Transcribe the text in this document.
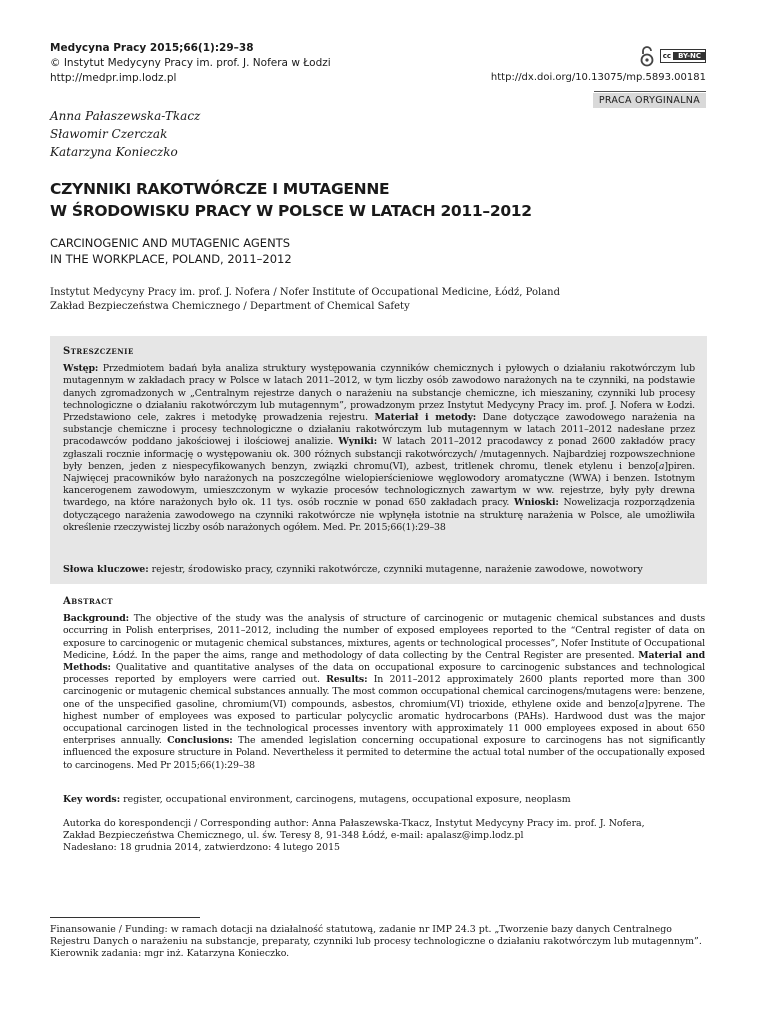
Medycyna Pracy 2015;66(1):29–38
© Instytut Medycyny Pracy im. prof. J. Nofera w Łodzi
http://medpr.imp.lodz.pl
cc	BY-NC
http://dx.doi.org/10.13075/mp.5893.00181
PRACA ORYGINALNA
Anna Pałaszewska-Tkacz
Sławomir Czerczak
Katarzyna Konieczko
CZYNNIKI RAKOTWÓRCZE I MUTAGENNE
W ŚRODOWISKU PRACY W POLSCE W LATACH 2011–2012
CARCINOGENIC AND MUTAGENIC AGENTS
IN THE WORKPLACE, POLAND, 2011–2012
Instytut Medycyny Pracy im. prof. J. Nofera / Nofer Institute of Occupational Medicine, Łódź, Poland
Zakład Bezpieczeństwa Chemicznego / Department of Chemical Safety
Streszczenie
Wstęp: Przedmiotem badań była analiza struktury występowania czynników chemicznych i pyłowych o działaniu rakotwórczym lub mutagennym w zakładach pracy w Polsce w latach 2011–2012, w tym liczby osób zawodowo narażonych na te czynniki, na podstawie danych zgromadzonych w „Centralnym rejestrze danych o narażeniu na substancje chemiczne, ich mieszaniny, czynniki lub procesy technologiczne o działaniu rakotwórczym lub mutagennym”, prowadzonym przez Instytut Medycyny Pracy im. prof. J. Nofera w Łodzi. Przedstawiono cele, zakres i metodykę prowadzenia rejestru. Materiał i metody: Dane dotyczące zawodowego narażenia na substancje chemiczne i procesy technologiczne o działaniu rakotwórczym lub mutagennym w latach 2011–2012 nadesłane przez pracodawców poddano jakościowej i ilościowej analizie. Wyniki: W latach 2011–2012 pracodawcy z ponad 2600 zakładów pracy zgłaszali rocznie informację o występowaniu ok. 300 różnych substancji rakotwórczych/ /mutagennych. Najbardziej rozpowszechnione były benzen, jeden z niespecyfikowanych benzyn, związki chromu(VI), azbest, tritlenek chromu, tlenek etylenu i benzo[a]piren. Najwięcej pracowników było narażonych na poszczególne wielopierścieniowe węglowodory aromatyczne (WWA) i benzen. Istotnym kancerogenem zawodowym, umieszczonym w wykazie procesów technologicznych zawartym w ww. rejestrze, były pyły drewna twardego, na które narażonych było ok. 11 tys. osób rocznie w ponad 650 zakładach pracy. Wnioski: Nowelizacja rozporządzenia dotyczącego narażenia zawodowego na czynniki rakotwórcze nie wpłynęła istotnie na strukturę narażenia w Polsce, ale umożliwiła określenie rzeczywistej liczby osób narażonych ogółem. Med. Pr. 2015;66(1):29–38
Słowa kluczowe: rejestr, środowisko pracy, czynniki rakotwórcze, czynniki mutagenne, narażenie zawodowe, nowotwory
Abstract
Background: The objective of the study was the analysis of structure of carcinogenic or mutagenic chemical substances and dusts occurring in Polish enterprises, 2011–2012, including the number of exposed employees reported to the “Central register of data on exposure to carcinogenic or mutagenic chemical substances, mixtures, agents or technological processes”, Nofer Institute of Occupational Medicine, Łódź. In the paper the aims, range and methodology of data collecting by the Central Register are presented. Material and Methods: Qualitative and quantitative analyses of the data on occupational exposure to carcinogenic substances and technological processes reported by employers were carried out. Results: In 2011–2012 approximately 2600 plants reported more than 300 carcinogenic or mutagenic chemical substances annually. The most common occupational chemical carcinogens/mutagens were: benzene, one of the unspecified gasoline, chromium(VI) compounds, asbestos, chromium(VI) trioxide, ethylene oxide and benzo[a]pyrene. The highest number of employees was exposed to particular polycyclic aromatic hydrocarbons (PAHs). Hardwood dust was the major occupational carcinogen listed in the technological processes inventory with approximately 11 000 employees exposed in about 650 enterprises annually. Conclusions: The amended legislation concerning occupational exposure to carcinogens has not significantly influenced the exposure structure in Poland. Nevertheless it permited to determine the actual total number of the occupationally exposed to carcinogens. Med Pr 2015;66(1):29–38
Key words: register, occupational environment, carcinogens, mutagens, occupational exposure, neoplasm
Autorka do korespondencji / Corresponding author: Anna Pałaszewska-Tkacz, Instytut Medycyny Pracy im. prof. J. Nofera,
Zakład Bezpieczeństwa Chemicznego, ul. św. Teresy 8, 91-348 Łódź, e-mail: apalasz@imp.lodz.pl
Nadesłano: 18 grudnia 2014, zatwierdzono: 4 lutego 2015
Finansowanie / Funding: w ramach dotacji na działalność statutową, zadanie nr IMP 24.3 pt. „Tworzenie bazy danych Centralnego Rejestru Danych o narażeniu na substancje, preparaty, czynniki lub procesy technologiczne o działaniu rakotwórczym lub mutagennym”. Kierownik zadania: mgr inż. Katarzyna Konieczko.
